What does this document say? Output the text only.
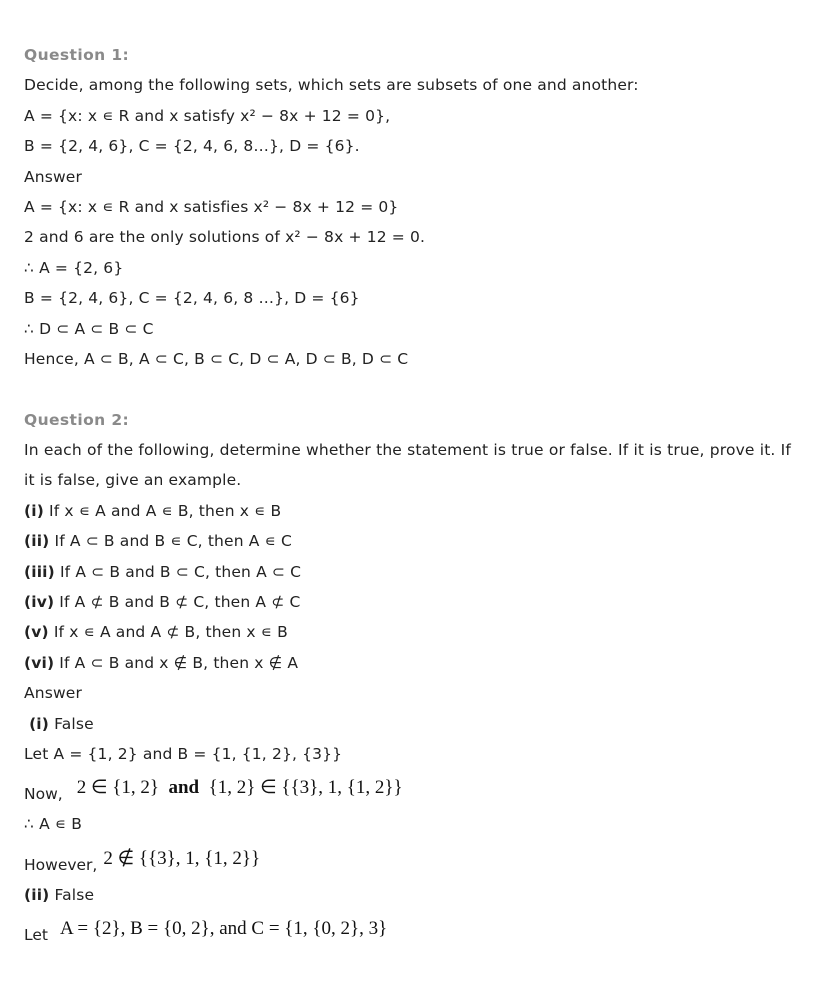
Question 1:
Decide, among the following sets, which sets are subsets of one and another:
A = {x: x ∊ R and x satisfy x² − 8x + 12 = 0},
B = {2, 4, 6}, C = {2, 4, 6, 8…}, D = {6}.
Answer
A = {x: x ∊ R and x satisfies x² − 8x + 12 = 0}
2 and 6 are the only solutions of x² − 8x + 12 = 0.
∴ A = {2, 6}
B = {2, 4, 6}, C = {2, 4, 6, 8 …}, D = {6}
∴ D ⊂ A ⊂ B ⊂ C
Hence, A ⊂ B, A ⊂ C, B ⊂ C, D ⊂ A, D ⊂ B, D ⊂ C
Question 2:
In each of the following, determine whether the statement is true or false. If it is true, prove it. If it is false, give an example.
(i) If x ∊ A and A ∊ B, then x ∊ B
(ii) If A ⊂ B and B ∊ C, then A ∊ C
(iii) If A ⊂ B and B ⊂ C, then A ⊂ C
(iv) If A ⊄ B and B ⊄ C, then A ⊄ C
(v) If x ∊ A and A ⊄ B, then x ∊ B
(vi) If A ⊂ B and x ∉ B, then x ∉ A
Answer
(i) False
Let A = {1, 2} and B = {1, {1, 2}, {3}}
Now, 2 ∈ {1, 2} and {1, 2} ∈ {{3}, 1, {1, 2}}
∴ A ∊ B
However, 2 ∉ {{3}, 1, {1, 2}}
(ii) False
Let A = {2}, B = {0, 2}, and C = {1, {0, 2}, 3}
